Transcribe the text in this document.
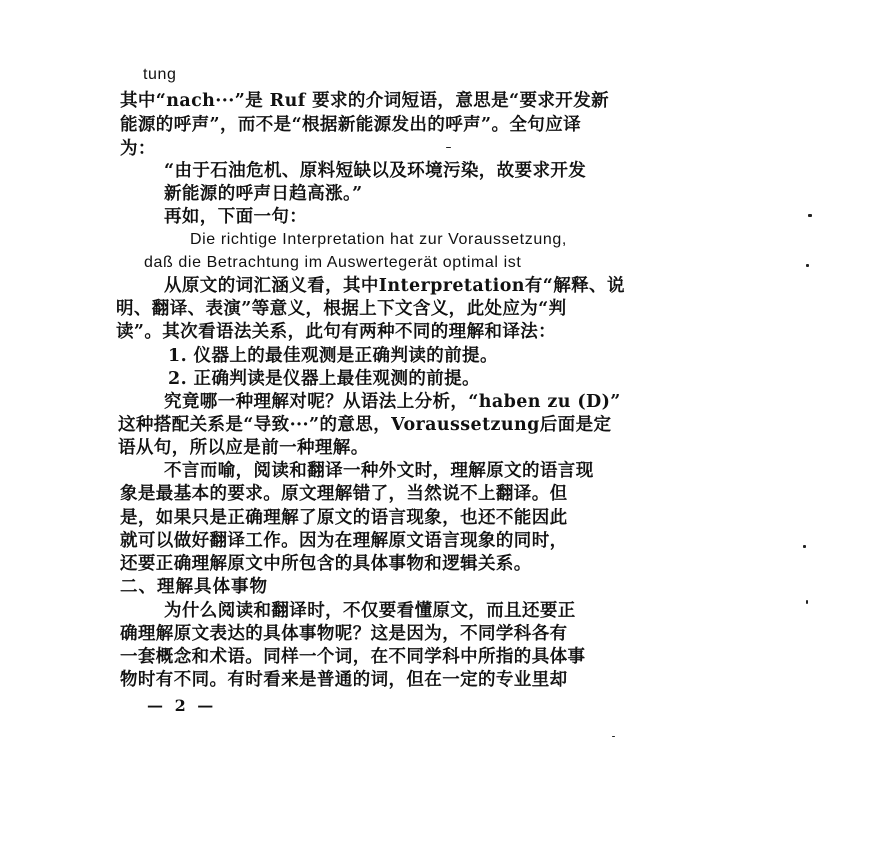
tung
其中“nach···”是 Ruf 要求的介词短语，意思是“要求开发新
能源的呼声”，而不是“根据新能源发出的呼声”。全句应译
为：
“由于石油危机、原料短缺以及环境污染，故要求开发
新能源的呼声日趋高涨。”
再如，下面一句：
Die richtige Interpretation hat zur Voraussetzung,
daß die Betrachtung im Auswertegerät optimal ist
从原文的词汇涵义看，其中Interpretation有“解释、说
明、翻译、表演”等意义，根据上下文含义，此处应为“判
读”。其次看语法关系，此句有两种不同的理解和译法：
1. 仪器上的最佳观测是正确判读的前提。
2. 正确判读是仪器上最佳观测的前提。
究竟哪一种理解对呢？从语法上分析，“haben zu (D)”
这种搭配关系是“导致···”的意思，Voraussetzung后面是定
语从句，所以应是前一种理解。
不言而喻，阅读和翻译一种外文时，理解原文的语言现
象是最基本的要求。原文理解错了，当然说不上翻译。但
是，如果只是正确理解了原文的语言现象，也还不能因此
就可以做好翻译工作。因为在理解原文语言现象的同时，
还要正确理解原文中所包含的具体事物和逻辑关系。
二、理解具体事物
为什么阅读和翻译时，不仅要看懂原文，而且还要正
确理解原文表达的具体事物呢？这是因为，不同学科各有
一套概念和术语。同样一个词，在不同学科中所指的具体事
物时有不同。有时看来是普通的词，但在一定的专业里却
— 2 —
